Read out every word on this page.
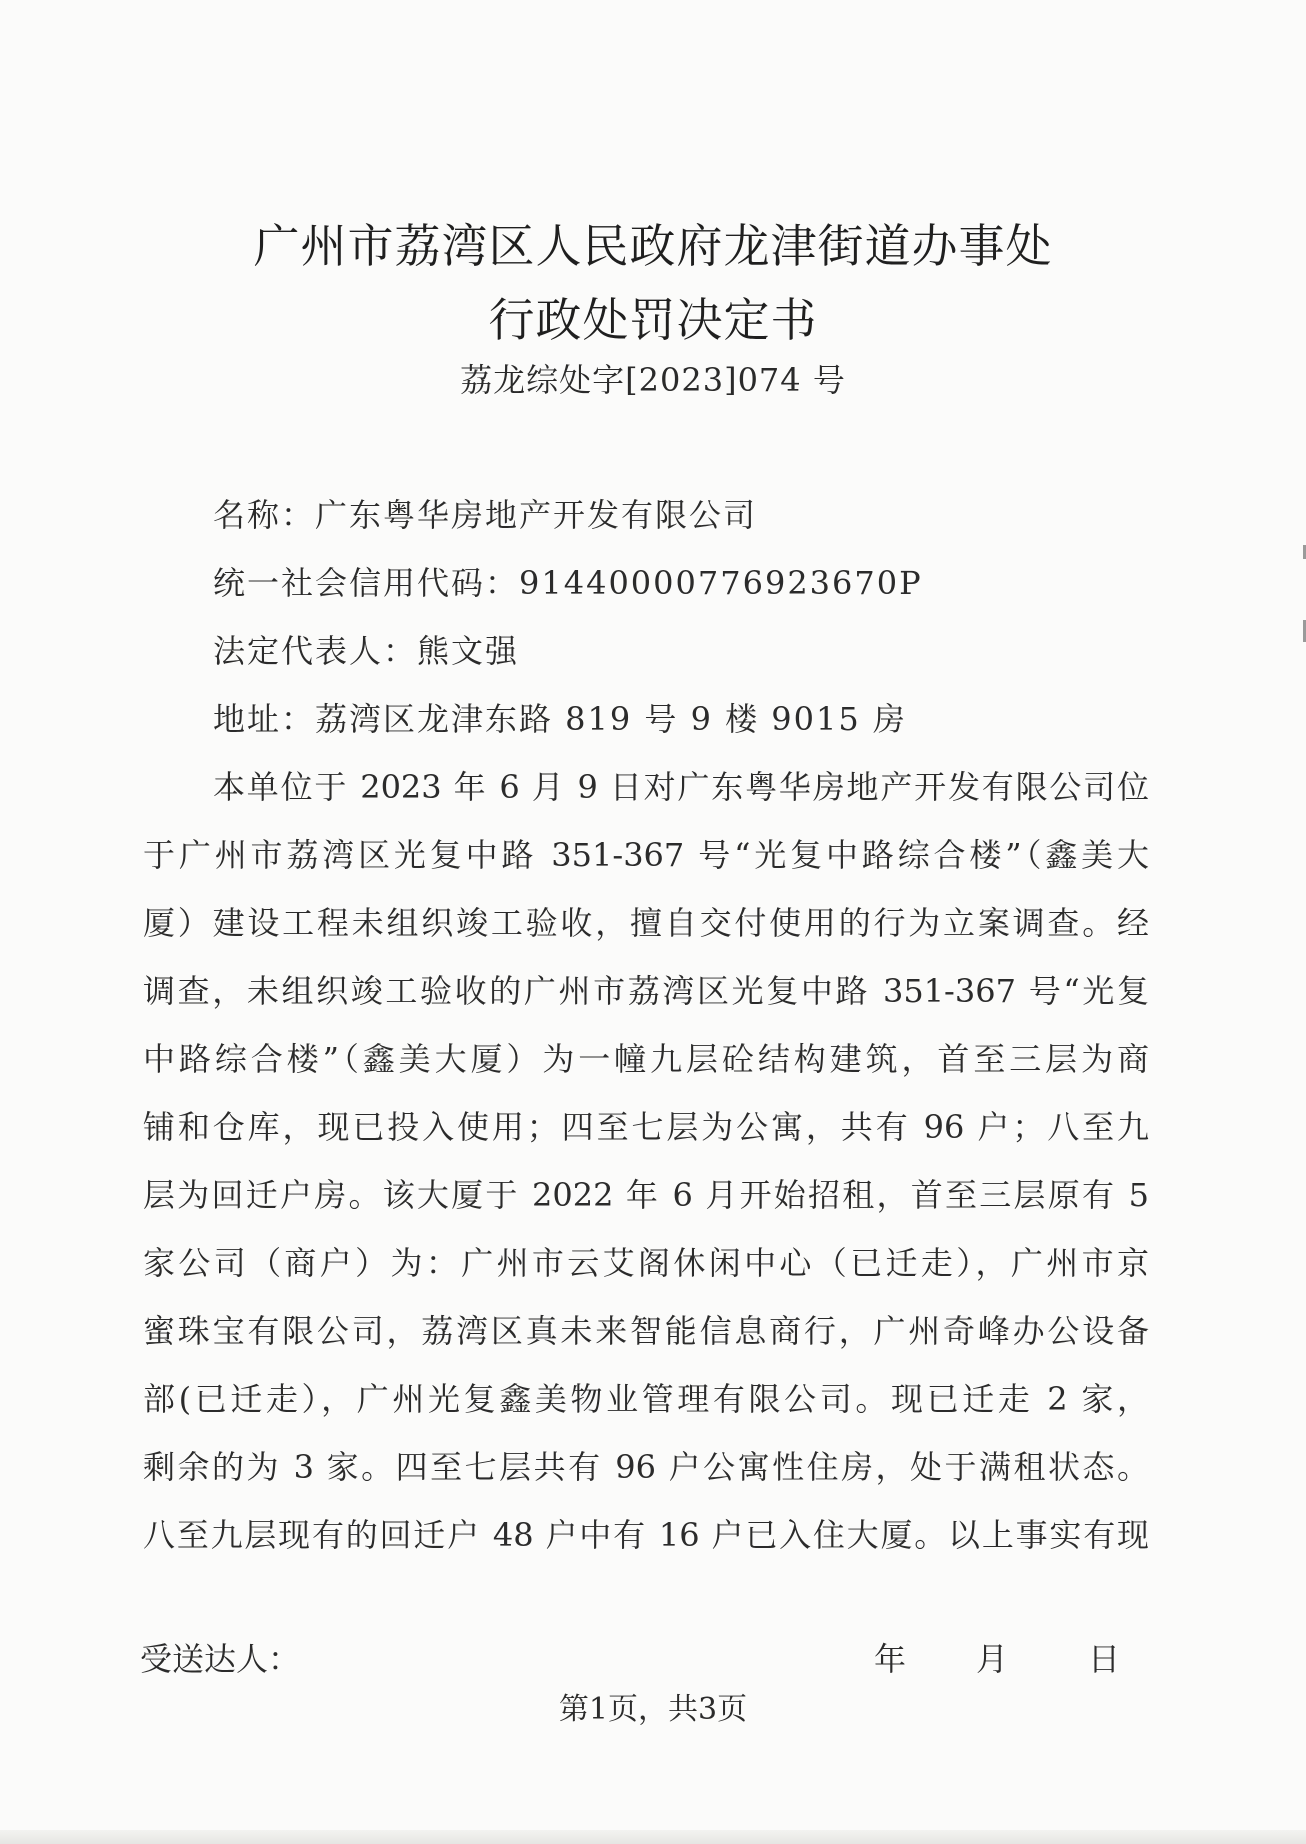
广州市荔湾区人民政府龙津街道办事处
行政处罚决定书
荔龙综处字[2023]074 号
名称：广东粤华房地产开发有限公司
统一社会信用代码：91440000776923670P
法定代表人：熊文强
地址：荔湾区龙津东路 819 号 9 楼 9015 房
本单位于 2023 年 6 月 9 日对广东粤华房地产开发有限公司位
于广州市荔湾区光复中路 351-367 号“光复中路综合楼”（鑫美大
厦）建设工程未组织竣工验收，擅自交付使用的行为立案调查。经
调查，未组织竣工验收的广州市荔湾区光复中路 351-367 号“光复
中路综合楼”（鑫美大厦）为一幢九层砼结构建筑，首至三层为商
铺和仓库，现已投入使用；四至七层为公寓，共有 96 户；八至九
层为回迁户房。该大厦于 2022 年 6 月开始招租，首至三层原有 5
家公司（商户）为：广州市云艾阁休闲中心（已迁走），广州市京
蜜珠宝有限公司，荔湾区真未来智能信息商行，广州奇峰办公设备
部(已迁走），广州光复鑫美物业管理有限公司。现已迁走 2 家，
剩余的为 3 家。四至七层共有 96 户公寓性住房，处于满租状态。
八至九层现有的回迁户 48 户中有 16 户已入住大厦。以上事实有现
受送达人：	年 月 日
第1页，共3页
